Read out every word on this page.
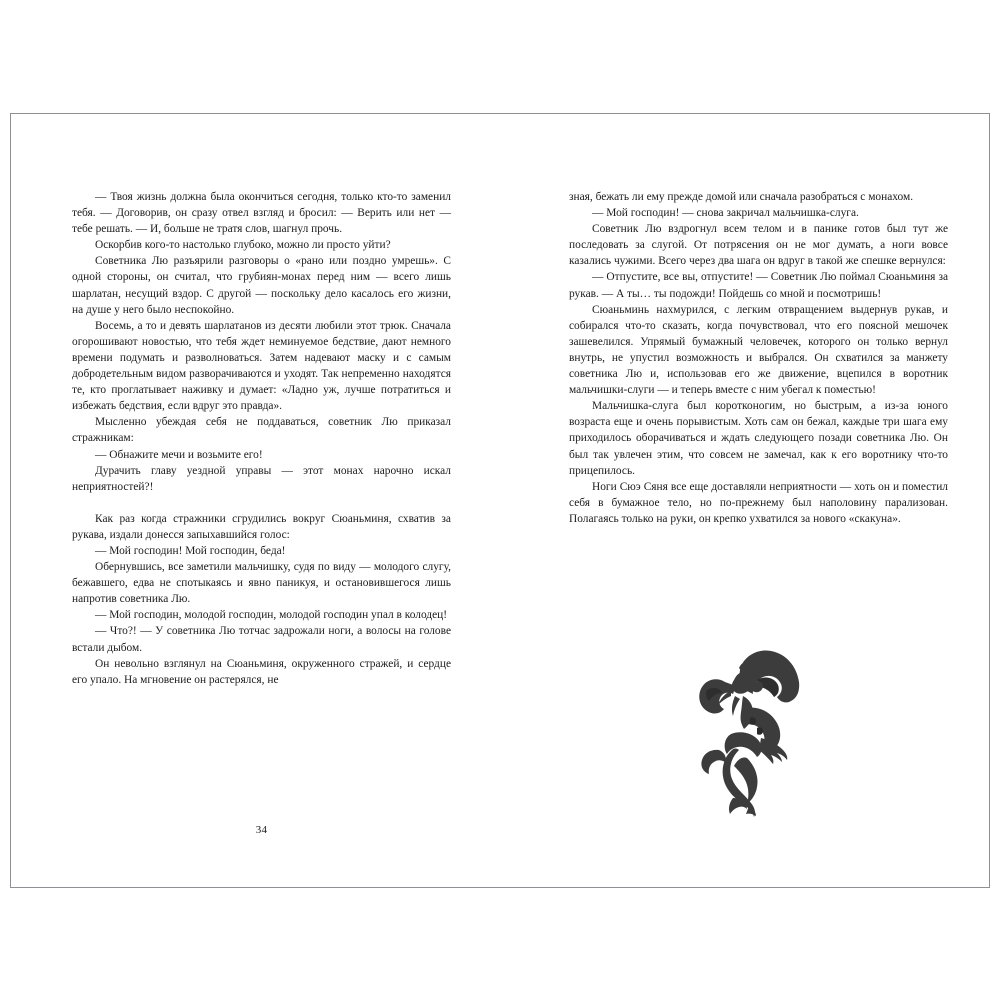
— Твоя жизнь должна была окончиться сегодня, только кто-то заменил тебя. — Договорив, он сразу отвел взгляд и бросил: — Верить или нет — тебе решать. — И, больше не тратя слов, шагнул прочь.

Оскорбив кого-то настолько глубоко, можно ли просто уйти?

Советника Лю разъярили разговоры о «рано или поздно умрешь». С одной стороны, он считал, что грубиян-монах перед ним — всего лишь шарлатан, несущий вздор. С другой — поскольку дело касалось его жизни, на душе у него было неспокойно.

Восемь, а то и девять шарлатанов из десяти любили этот трюк. Сначала огорошивают новостью, что тебя ждет неминуемое бедствие, дают немного времени подумать и разволноваться. Затем надевают маску и с самым добродетельным видом разворачиваются и уходят. Так непременно находятся те, кто проглатывает наживку и думает: «Ладно уж, лучше потратиться и избежать бедствия, если вдруг это правда».

Мысленно убеждая себя не поддаваться, советник Лю приказал стражникам:

— Обнажите мечи и возьмите его!

Дурачить главу уездной управы — этот монах нарочно искал неприятностей?!

Как раз когда стражники сгрудились вокруг Сюаньминя, схватив за рукава, издали донесся запыхавшийся голос:

— Мой господин! Мой господин, беда!

Обернувшись, все заметили мальчишку, судя по виду — молодого слугу, бежавшего, едва не спотыкаясь и явно паникуя, и остановившегося лишь напротив советника Лю.

— Мой господин, молодой господин, молодой господин упал в колодец!

— Что?! — У советника Лю тотчас задрожали ноги, а волосы на голове встали дыбом.

Он невольно взглянул на Сюаньминя, окруженного стражей, и сердце его упало. На мгновение он растерялся, не

34

зная, бежать ли ему прежде домой или сначала разобраться с монахом.

— Мой господин! — снова закричал мальчишка-слуга.

Советник Лю вздрогнул всем телом и в панике готов был тут же последовать за слугой. От потрясения он не мог думать, а ноги вовсе казались чужими. Всего через два шага он вдруг в такой же спешке вернулся:

— Отпустите, все вы, отпустите! — Советник Лю поймал Сюаньминя за рукав. — А ты… ты подожди! Пойдешь со мной и посмотришь!

Сюаньминь нахмурился, с легким отвращением выдернув рукав, и собирался что-то сказать, когда почувствовал, что его поясной мешочек зашевелился. Упрямый бумажный человечек, которого он только вернул внутрь, не упустил возможность и выбрался. Он схватился за манжету советника Лю и, использовав его же движение, вцепился в воротник мальчишки-слуги — и теперь вместе с ним убегал к поместью!

Мальчишка-слуга был коротконогим, но быстрым, а из-за юного возраста еще и очень порывистым. Хоть сам он бежал, каждые три шага ему приходилось оборачиваться и ждать следующего позади советника Лю. Он был так увлечен этим, что совсем не замечал, как к его воротнику что-то прицепилось.

Ноги Сюэ Сяня все еще доставляли неприятности — хоть он и поместил себя в бумажное тело, но по-прежнему был наполовину парализован. Полагаясь только на руки, он крепко ухватился за нового «скакуна».
